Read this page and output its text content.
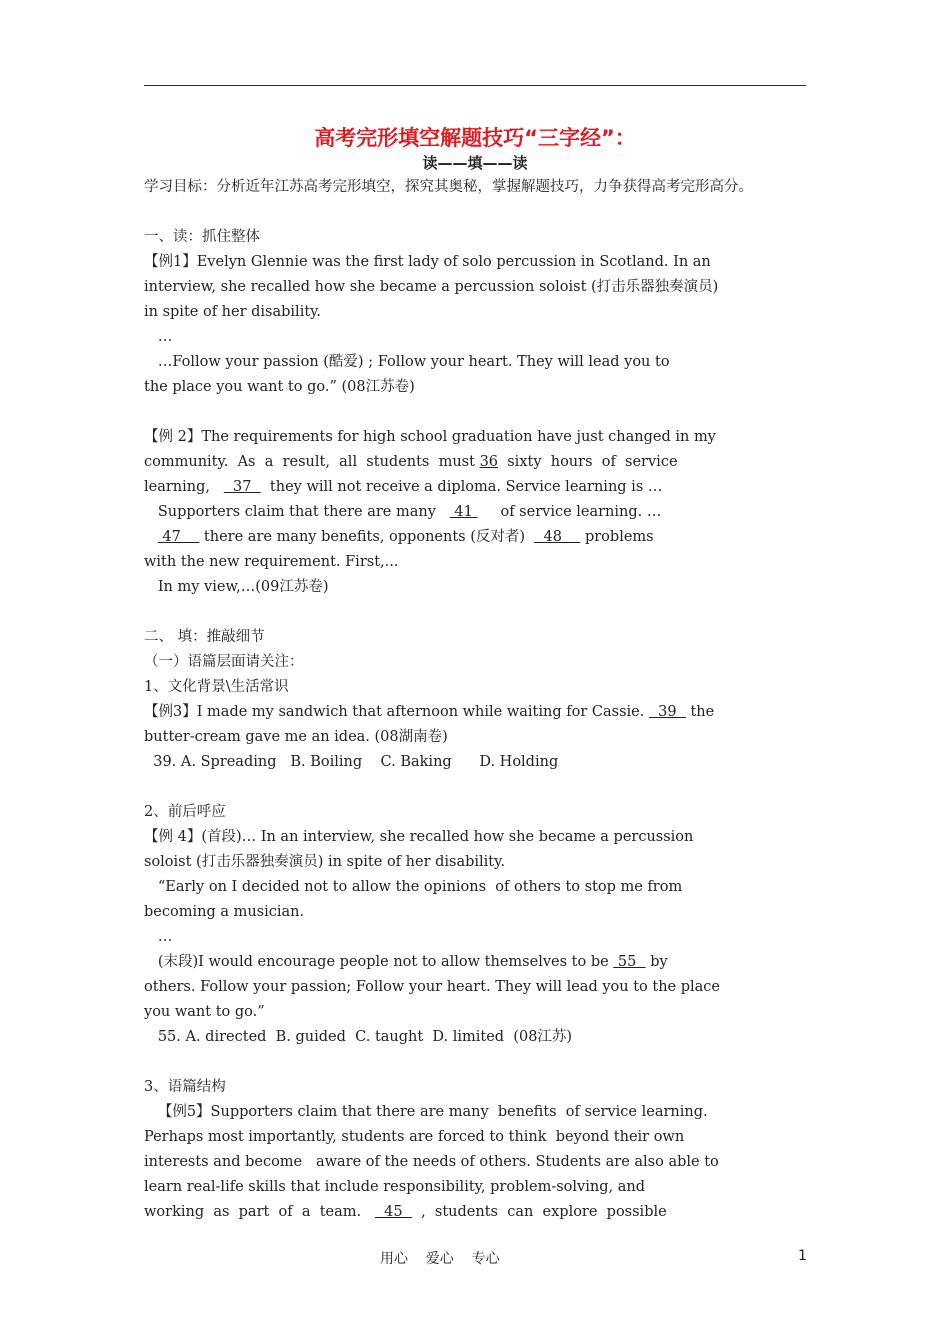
高考完形填空解题技巧“三字经”：
读——填——读
学习目标：分析近年江苏高考完形填空，探究其奥秘，掌握解题技巧，力争获得高考完形高分。
一、读：抓住整体
【例1】Evelyn Glennie was the first lady of solo percussion in Scotland. In an
interview, she recalled how she became a percussion soloist (打击乐器独奏演员)
in spite of her disability.
…
…Follow your passion (酷爱) ; Follow your heart. They will lead you to
the place you want to go.” (08江苏卷)
【例 2】The requirements for high school graduation have just changed in my
community.  As  a  result,  all  students  must 36  sixty  hours  of  service
learning,     37    they will not receive a diploma. Service learning is …
Supporters claim that there are many    41      of service learning. …
47     there are many benefits, opponents (反对者)    48     problems
with the new requirement. First,...
In my view,…(09江苏卷)
二、 填：推敲细节
（一）语篇层面请关注：
1、文化背景\生活常识
【例3】I made my sandwich that afternoon while waiting for Cassie.   39   the
butter-cream gave me an idea. (08湖南卷)
39. A. Spreading   B. Boiling    C. Baking      D. Holding
2、前后呼应
【例 4】(首段)… In an interview, she recalled how she became a percussion
soloist (打击乐器独奏演员) in spite of her disability.
“Early on I decided not to allow the opinions  of others to stop me from
becoming a musician.
…
(末段)I would encourage people not to allow themselves to be  55   by
others. Follow your passion; Follow your heart. They will lead you to the place
you want to go.”
55. A. directed  B. guided  C. taught  D. limited  (08江苏)
3、语篇结构
【例5】Supporters claim that there are many  benefits  of service learning.
Perhaps most importantly, students are forced to think  beyond their own
interests and become   aware of the needs of others. Students are also able to
learn real-life skills that include responsibility, problem-solving, and
working  as  part  of  a  team.     45    ,  students  can  explore  possible
用心    爱心    专心	1
